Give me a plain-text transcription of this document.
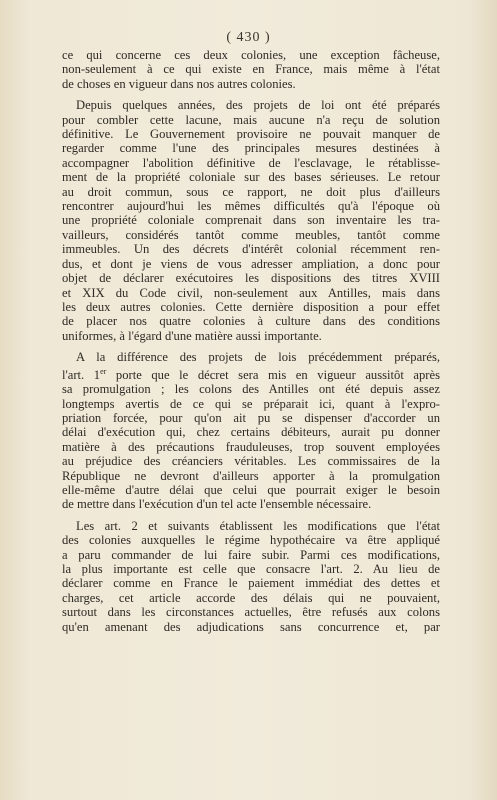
( 430 )

ce qui concerne ces deux colonies, une exception fâcheuse,
non-seulement à ce qui existe en France, mais même à l'état
de choses en vigueur dans nos autres colonies.

Depuis quelques années, des projets de loi ont été préparés
pour combler cette lacune, mais aucune n'a reçu de solution
définitive. Le Gouvernement provisoire ne pouvait manquer de
regarder comme l'une des principales mesures destinées à
accompagner l'abolition définitive de l'esclavage, le rétablisse-
ment de la propriété coloniale sur des bases sérieuses. Le retour
au droit commun, sous ce rapport, ne doit plus d'ailleurs
rencontrer aujourd'hui les mêmes difficultés qu'à l'époque où
une propriété coloniale comprenait dans son inventaire les tra-
vailleurs, considérés tantôt comme meubles, tantôt comme
immeubles. Un des décrets d'intérêt colonial récemment ren-
dus, et dont je viens de vous adresser ampliation, a donc pour
objet de déclarer exécutoires les dispositions des titres XVIII
et XIX du Code civil, non-seulement aux Antilles, mais dans
les deux autres colonies. Cette dernière disposition a pour effet
de placer nos quatre colonies à culture dans des conditions
uniformes, à l'égard d'une matière aussi importante.

A la différence des projets de lois précédemment préparés,
l'art. 1er porte que le décret sera mis en vigueur aussitôt après
sa promulgation ; les colons des Antilles ont été depuis assez
longtemps avertis de ce qui se préparait ici, quant à l'expro-
priation forcée, pour qu'on ait pu se dispenser d'accorder un
délai d'exécution qui, chez certains débiteurs, aurait pu donner
matière à des précautions frauduleuses, trop souvent employées
au préjudice des créanciers véritables. Les commissaires de la
République ne devront d'ailleurs apporter à la promulgation
elle-même d'autre délai que celui que pourrait exiger le besoin
de mettre dans l'exécution d'un tel acte l'ensemble nécessaire.

Les art. 2 et suivants établissent les modifications que l'état
des colonies auxquelles le régime hypothécaire va être appliqué
a paru commander de lui faire subir. Parmi ces modifications,
la plus importante est celle que consacre l'art. 2. Au lieu de
déclarer comme en France le paiement immédiat des dettes et
charges, cet article accorde des délais qui ne pouvaient,
surtout dans les circonstances actuelles, être refusés aux colons
qu'en amenant des adjudications sans concurrence et, par
